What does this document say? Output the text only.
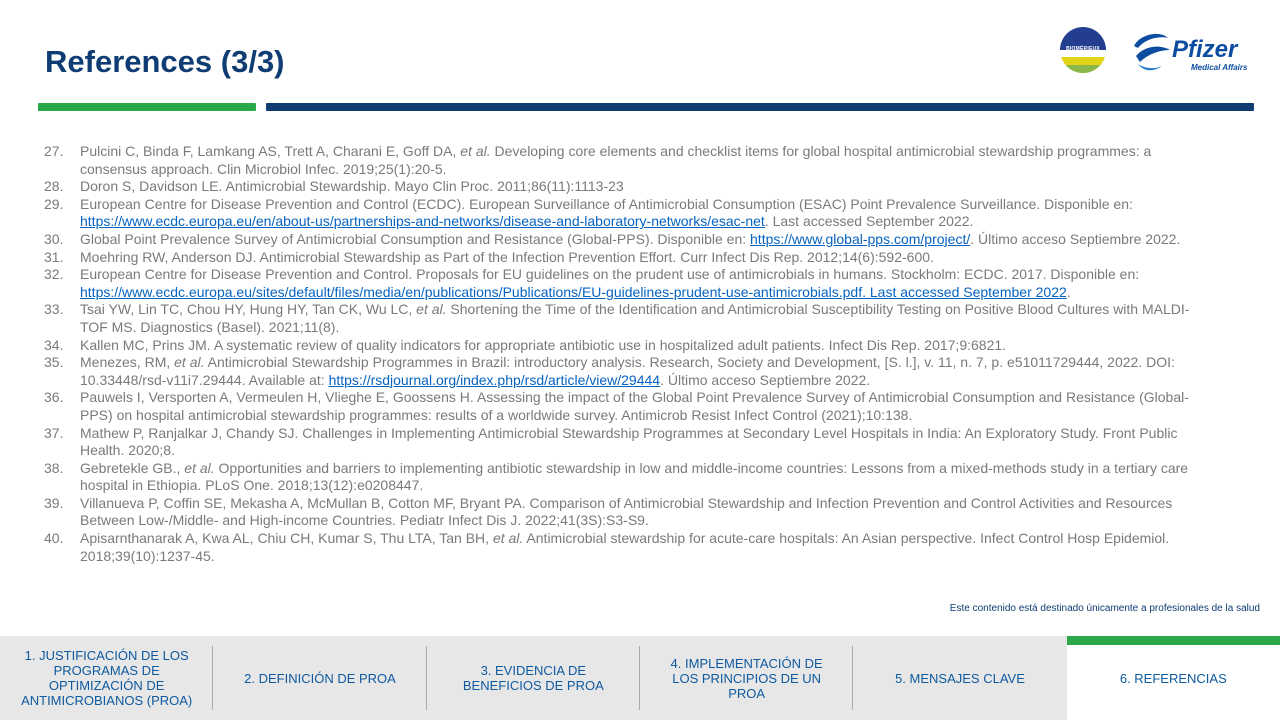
References (3/3)	BIOMÉRIEUX	Pfizer
Medical Affairs
27.	Pulcini C, Binda F, Lamkang AS, Trett A, Charani E, Goff DA, et al. Developing core elements and checklist items for global hospital antimicrobial stewardship programmes: a consensus approach. Clin Microbiol Infec. 2019;25(1):20-5.
28.	Doron S, Davidson LE. Antimicrobial Stewardship. Mayo Clin Proc. 2011;86(11):1113-23
29.	European Centre for Disease Prevention and Control (ECDC). European Surveillance of Antimicrobial Consumption (ESAC) Point Prevalence Surveillance. Disponible en: https://www.ecdc.europa.eu/en/about-us/partnerships-and-networks/disease-and-laboratory-networks/esac-net. Last accessed September 2022.
30.	Global Point Prevalence Survey of Antimicrobial Consumption and Resistance (Global-PPS). Disponible en: https://www.global-pps.com/project/. Último acceso Septiembre 2022.
31.	Moehring RW, Anderson DJ. Antimicrobial Stewardship as Part of the Infection Prevention Effort. Curr Infect Dis Rep. 2012;14(6):592-600.
32.	European Centre for Disease Prevention and Control. Proposals for EU guidelines on the prudent use of antimicrobials in humans. Stockholm: ECDC. 2017. Disponible en: https://www.ecdc.europa.eu/sites/default/files/media/en/publications/Publications/EU-guidelines-prudent-use-antimicrobials.pdf. Last accessed September 2022.
33.	Tsai YW, Lin TC, Chou HY, Hung HY, Tan CK, Wu LC, et al. Shortening the Time of the Identification and Antimicrobial Susceptibility Testing on Positive Blood Cultures with MALDI-TOF MS. Diagnostics (Basel). 2021;11(8).
34.	Kallen MC, Prins JM. A systematic review of quality indicators for appropriate antibiotic use in hospitalized adult patients. Infect Dis Rep. 2017;9:6821.
35.	Menezes, RM, et al. Antimicrobial Stewardship Programmes in Brazil: introductory analysis. Research, Society and Development, [S. l.], v. 11, n. 7, p. e51011729444, 2022. DOI: 10.33448/rsd-v11i7.29444. Available at: https://rsdjournal.org/index.php/rsd/article/view/29444. Último acceso Septiembre 2022.
36.	Pauwels I, Versporten A, Vermeulen H, Vlieghe E, Goossens H. Assessing the impact of the Global Point Prevalence Survey of Antimicrobial Consumption and Resistance (Global-PPS) on hospital antimicrobial stewardship programmes: results of a worldwide survey. Antimicrob Resist Infect Control (2021);10:138.
37.	Mathew P, Ranjalkar J, Chandy SJ. Challenges in Implementing Antimicrobial Stewardship Programmes at Secondary Level Hospitals in India: An Exploratory Study. Front Public Health. 2020;8.
38.	Gebretekle GB., et al. Opportunities and barriers to implementing antibiotic stewardship in low and middle-income countries: Lessons from a mixed-methods study in a tertiary care hospital in Ethiopia. PLoS One. 2018;13(12):e0208447.
39.	Villanueva P, Coffin SE, Mekasha A, McMullan B, Cotton MF, Bryant PA. Comparison of Antimicrobial Stewardship and Infection Prevention and Control Activities and Resources Between Low-/Middle- and High-income Countries. Pediatr Infect Dis J. 2022;41(3S):S3-S9.
40.	Apisarnthanarak A, Kwa AL, Chiu CH, Kumar S, Thu LTA, Tan BH, et al. Antimicrobial stewardship for acute-care hospitals: An Asian perspective. Infect Control Hosp Epidemiol. 2018;39(10):1237-45.
Este contenido está destinado únicamente a profesionales de la salud
1. JUSTIFICACIÓN DE LOS
PROGRAMAS DE
OPTIMIZACIÓN DE
ANTIMICROBIANOS (PROA)
2. DEFINICIÓN DE PROA	3. EVIDENCIA DE
BENEFICIOS DE PROA
4. IMPLEMENTACIÓN DE
LOS PRINCIPIOS DE UN
PROA
5. MENSAJES CLAVE	6. REFERENCIAS
